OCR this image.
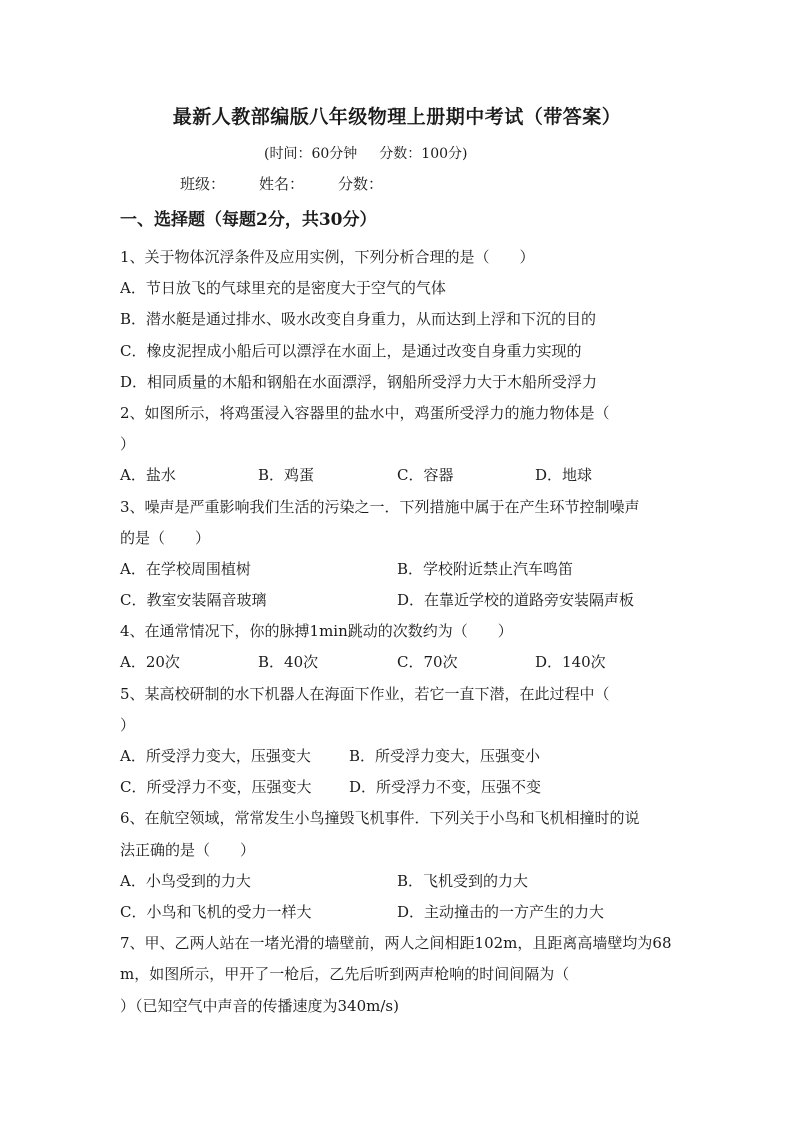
最新人教部编版八年级物理上册期中考试（带答案）
(时间：60分钟 分数：100分)
班级： 姓名： 分数：
一、选择题（每题2分，共30分）
1、关于物体沉浮条件及应用实例，下列分析合理的是（　　）
A．节日放飞的气球里充的是密度大于空气的气体
B．潜水艇是通过排水、吸水改变自身重力，从而达到上浮和下沉的目的
C．橡皮泥捏成小船后可以漂浮在水面上，是通过改变自身重力实现的
D．相同质量的木船和钢船在水面漂浮，钢船所受浮力大于木船所受浮力
2、如图所示，将鸡蛋浸入容器里的盐水中，鸡蛋所受浮力的施力物体是（
）
A．盐水	B．鸡蛋	C．容器	D．地球
3、噪声是严重影响我们生活的污染之一．下列措施中属于在产生环节控制噪声
的是（　　）
A．在学校周围植树	B．学校附近禁止汽车鸣笛
C．教室安装隔音玻璃	D．在靠近学校的道路旁安装隔声板
4、在通常情况下，你的脉搏1min跳动的次数约为（　　）
A．20次	B．40次	C．70次	D．140次
5、某高校研制的水下机器人在海面下作业，若它一直下潜，在此过程中（
）
A．所受浮力变大，压强变大	B．所受浮力变大，压强变小
C．所受浮力不变，压强变大	D．所受浮力不变，压强不变
6、在航空领域，常常发生小鸟撞毁飞机事件．下列关于小鸟和飞机相撞时的说
法正确的是（　　）
A．小鸟受到的力大	B．飞机受到的力大
C．小鸟和飞机的受力一样大	D．主动撞击的一方产生的力大
7、甲、乙两人站在一堵光滑的墙壁前，两人之间相距102m，且距离高墙壁均为68
m，如图所示，甲开了一枪后，乙先后听到两声枪响的时间间隔为（
）（已知空气中声音的传播速度为340m/s)
